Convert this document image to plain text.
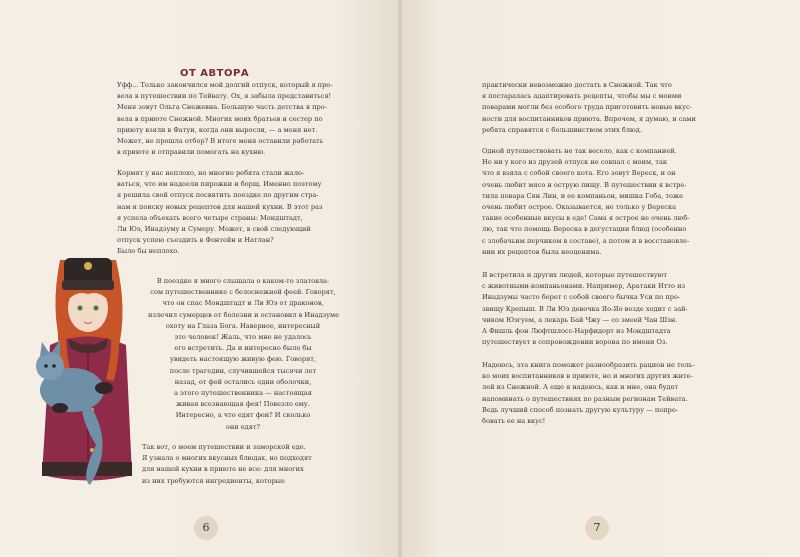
ОТ АВТОРА
Уфф... Только закончился мой долгий отпуск, который я про-
вела в путешествии по Тейвату. Ох, я забыла представиться!
Меня зовут Ольга Снежевна. Большую часть детства я про-
вела в приюте Снежной. Многих моих братьев и сестер по
приюту взяли в Фатуи, когда они выросли, — а меня нет.
Может, не прошла отбор? В итоге меня оставили работать
в приюте и отправили помогать на кухню.
Кормят у нас неплохо, но многие ребята стали жало-
ваться, что им надоели пирожки и борщ. Именно поэтому
я решила свой отпуск посвятить поездке по другим стра-
нам и поиску новых рецептов для нашей кухни. В этот раз
я успела объехать всего четыре страны: Мондштадт,
Ли Юэ, Инадзуму и Сумеру. Может, в свой следующий
отпуск успею съездить в Фонтейн и Натлан?
Было бы неплохо.
В поездке я много слышала о каком-то златовла-
сом путешественнике с белоснежной феей. Говорят,
что он спас Мондштадт и Ли Юэ от драконов,
излечил сумерцев от болезни и остановил в Инадзуме
охоту на Глаза Бога. Наверное, интересный
это человек! Жаль, что мне не удалось
его встретить. Да и интересно было бы
увидеть настоящую живую фею. Говорят,
после трагедии, случившейся тысячи лет
назад, от фей остались одни оболочки,
а этого путешественника — настоящая
живая всезнающая фея! Повезло ему.
Интересно, а что едят феи? И сколько
они едят?
Так вот, о моем путешествии и заморской еде.
Я узнала о многих вкусных блюдах, но подходят
для нашей кухни в приюте не все: для многих
из них требуются ингредиенты, которые
6
практически невозможно достать в Снежной. Так что
я постаралась адаптировать рецепты, чтобы мы с моими
поварами могли без особого труда приготовить новые вкус-
ности для воспитанников приюта. Впрочем, я думаю, и сами
ребята справятся с большинством этих блюд.
Одной путешествовать не так весело, как с компанией.
Но ни у кого из друзей отпуск не совпал с моим, так
что я взяла с собой своего кота. Его зовут Вереск, и он
очень любит мясо и острую пищу. В путешествии я встре-
тила повара Сян Лин, и ее компаньон, мишка Гоба, тоже
очень любит остроe. Оказывается, не только у Вереска
такие особенные вкусы в еде! Сама я острое не очень люб-
лю, так что помощь Вереска в дегустации блюд (особенно
с злобачьим перчиком в составе), а потом и в восстановле-
нии их рецептов была неоценима.
Я встретила и других людей, которые путешествуют
с животными-компаньонами. Например, Аратаки Итто из
Инадзумы часто берет с собой своего бычка Уси по про-
звищу Крепыш. В Ли Юэ девочка Яо-Яо везде ходит с зай-
чиком Юэгуем, а лекарь Бай Чжу — со змеей Чан Шэн.
А Фишль фон Люфтшлосс-Нарфидорт из Мондштадта
путешествует в сопровождении ворона по имени Оз.
Надеюсь, эта книга поможет разнообразить рацион не толь-
ко моих воспитанников в приюте, но и многих других жите-
лей из Снежной. А еще я надеюсь, как и мне, она будет
напоминать о путешествиях по разным регионам Тейвата.
Ведь лучший способ познать другую культуру — попро-
бовать ее на вкус!
7
